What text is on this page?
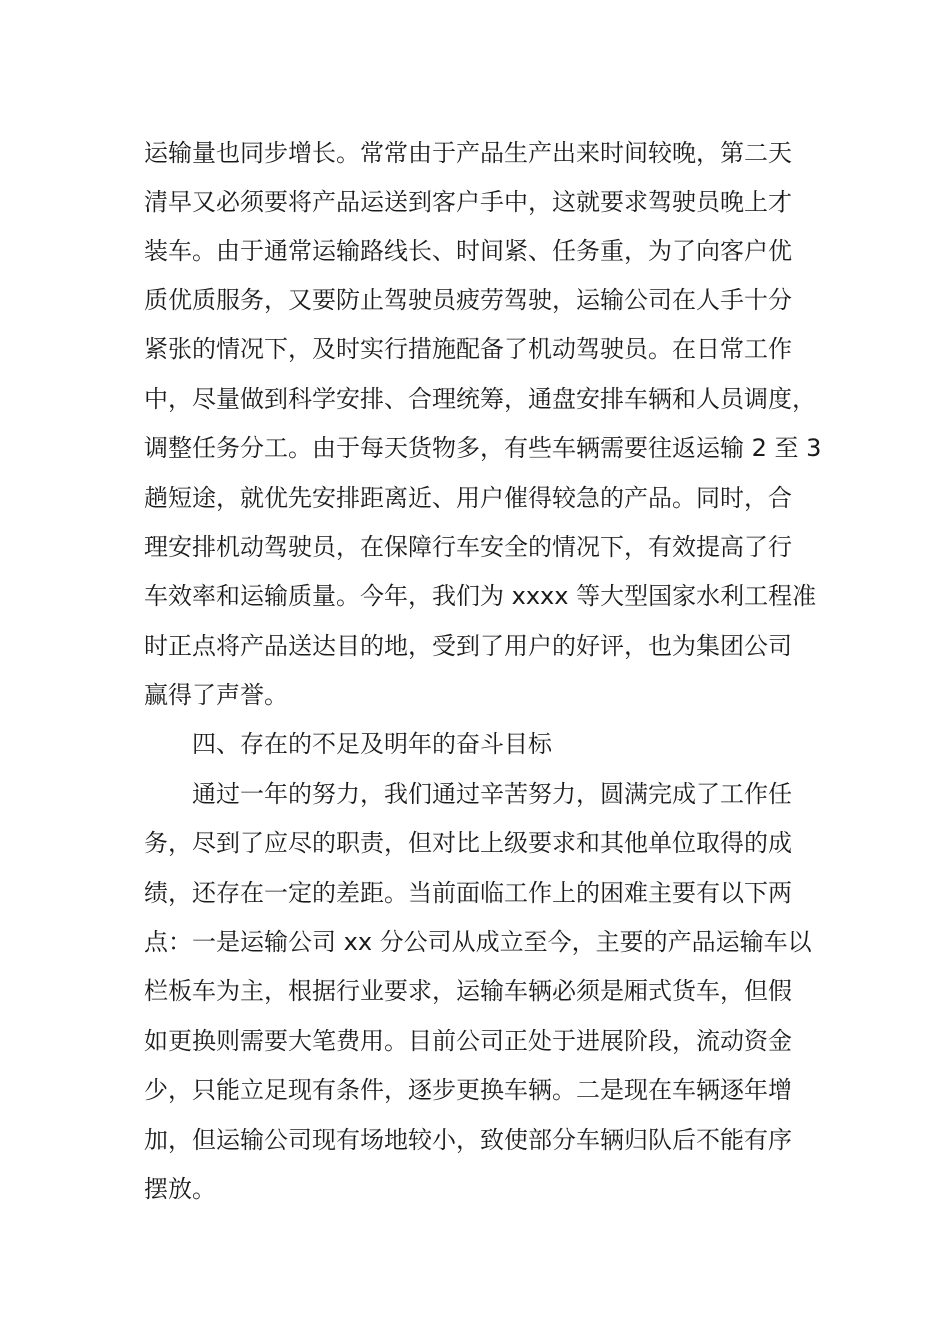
运输量也同步增长。常常由于产品生产出来时间较晚，第二天
清早又必须要将产品运送到客户手中，这就要求驾驶员晚上才
装车。由于通常运输路线长、时间紧、任务重，为了向客户优
质优质服务，又要防止驾驶员疲劳驾驶，运输公司在人手十分
紧张的情况下，及时实行措施配备了机动驾驶员。在日常工作
中，尽量做到科学安排、合理统筹，通盘安排车辆和人员调度，
调整任务分工。由于每天货物多，有些车辆需要往返运输 2 至 3
趟短途，就优先安排距离近、用户催得较急的产品。同时，合
理安排机动驾驶员，在保障行车安全的情况下，有效提高了行
车效率和运输质量。今年，我们为 xxxx 等大型国家水利工程准
时正点将产品送达目的地，受到了用户的好评，也为集团公司
赢得了声誉。
四、存在的不足及明年的奋斗目标
通过一年的努力，我们通过辛苦努力，圆满完成了工作任
务，尽到了应尽的职责，但对比上级要求和其他单位取得的成
绩，还存在一定的差距。当前面临工作上的困难主要有以下两
点：一是运输公司 xx 分公司从成立至今，主要的产品运输车以
栏板车为主，根据行业要求，运输车辆必须是厢式货车，但假
如更换则需要大笔费用。目前公司正处于进展阶段，流动资金
少，只能立足现有条件，逐步更换车辆。二是现在车辆逐年增
加，但运输公司现有场地较小，致使部分车辆归队后不能有序
摆放。
